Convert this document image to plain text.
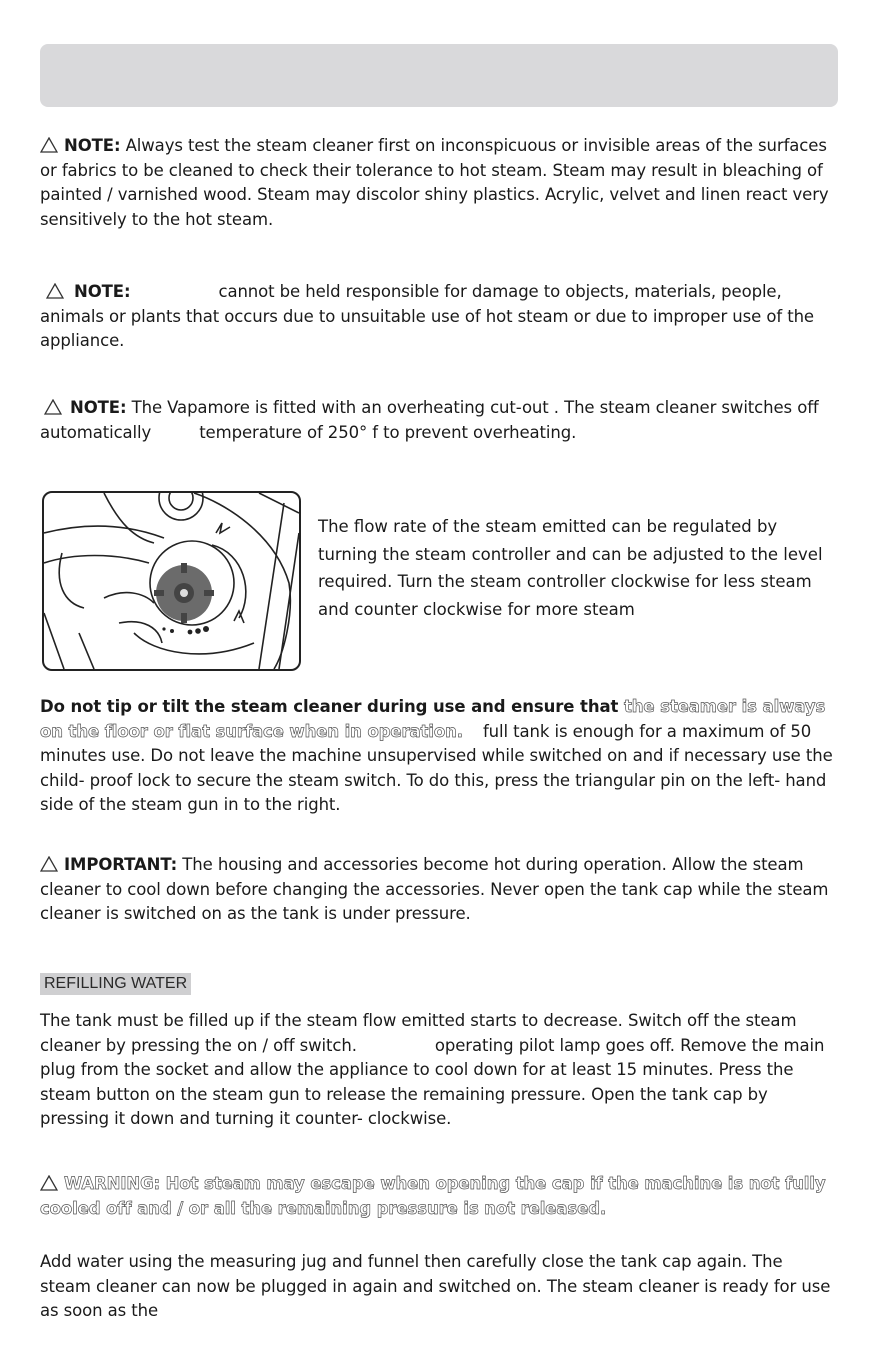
NOTE: Always test the steam cleaner first on inconspicuous or invisible areas of the surfaces or fabrics to be cleaned to check their tolerance to hot steam. Steam may result in bleaching of painted / varnished wood. Steam may discolor shiny plastics. Acrylic, velvet and linen react very sensitively to the hot steam.

NOTE:	cannot be held responsible for damage to objects, materials, people, animals or plants that occurs due to unsuitable use of hot steam or due to improper use of the appliance.

NOTE: The Vapamore is fitted with an overheating cut-out . The steam cleaner switches off automatically	temperature of 250° f to prevent overheating.

The flow rate of the steam emitted can be regulated by turning the steam controller and can be adjusted to the level required. Turn the steam controller clockwise for less steam and counter clockwise for more steam

Do not tip or tilt the steam cleaner during use and ensure that the steamer is always on the floor or flat surface when in operation. full tank is enough for a maximum of 50 minutes use. Do not leave the machine unsupervised while switched on and if necessary use the child- proof lock to secure the steam switch. To do this, press the triangular pin on the left- hand side of the steam gun in to the right.

IMPORTANT: The housing and accessories become hot during operation. Allow the steam cleaner to cool down before changing the accessories. Never open the tank cap while the steam cleaner is switched on as the tank is under pressure.

REFILLING WATER

The tank must be filled up if the steam flow emitted starts to decrease. Switch off the steam cleaner by pressing the on / off switch.	operating pilot lamp goes off. Remove the main plug from the socket and allow the appliance to cool down for at least 15 minutes. Press the steam button on the steam gun to release the remaining pressure. Open the tank cap by pressing it down and turning it counter- clockwise.

WARNING: Hot steam may escape when opening the cap if the machine is not fully cooled off and / or all the remaining pressure is not released.

Add water using the measuring jug and funnel then carefully close the tank cap again. The steam cleaner can now be plugged in again and switched on. The steam cleaner is ready for use as soon as the
